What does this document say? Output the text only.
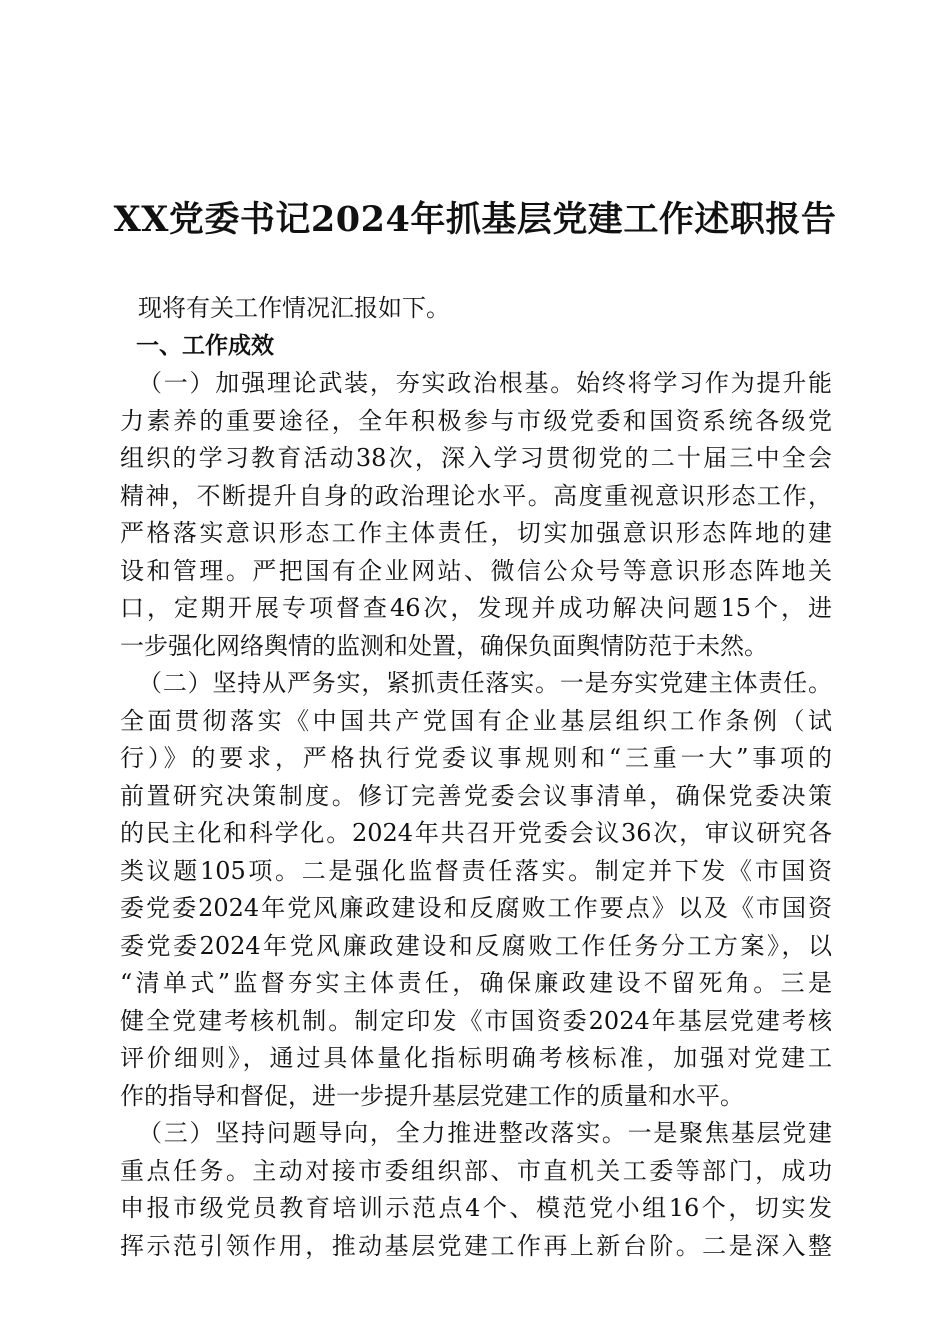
XX党委书记2024年抓基层党建工作述职报告
现将有关工作情况汇报如下。
一、工作成效
（一）加强理论武装，夯实政治根基。始终将学习作为提升能
力素养的重要途径，全年积极参与市级党委和国资系统各级党
组织的学习教育活动38次，深入学习贯彻党的二十届三中全会
精神，不断提升自身的政治理论水平。高度重视意识形态工作，
严格落实意识形态工作主体责任，切实加强意识形态阵地的建
设和管理。严把国有企业网站、微信公众号等意识形态阵地关
口，定期开展专项督查46次，发现并成功解决问题15个，进
一步强化网络舆情的监测和处置，确保负面舆情防范于未然。
（二）坚持从严务实，紧抓责任落实。一是夯实党建主体责任。
全面贯彻落实《中国共产党国有企业基层组织工作条例（试
行）》的要求，严格执行党委议事规则和“三重一大”事项的
前置研究决策制度。修订完善党委会议事清单，确保党委决策
的民主化和科学化。2024年共召开党委会议36次，审议研究各
类议题105项。二是强化监督责任落实。制定并下发《市国资
委党委2024年党风廉政建设和反腐败工作要点》以及《市国资
委党委2024年党风廉政建设和反腐败工作任务分工方案》，以
“清单式”监督夯实主体责任，确保廉政建设不留死角。三是
健全党建考核机制。制定印发《市国资委2024年基层党建考核
评价细则》，通过具体量化指标明确考核标准，加强对党建工
作的指导和督促，进一步提升基层党建工作的质量和水平。
（三）坚持问题导向，全力推进整改落实。一是聚焦基层党建
重点任务。主动对接市委组织部、市直机关工委等部门，成功
申报市级党员教育培训示范点4个、模范党小组16个，切实发
挥示范引领作用，推动基层党建工作再上新台阶。二是深入整
